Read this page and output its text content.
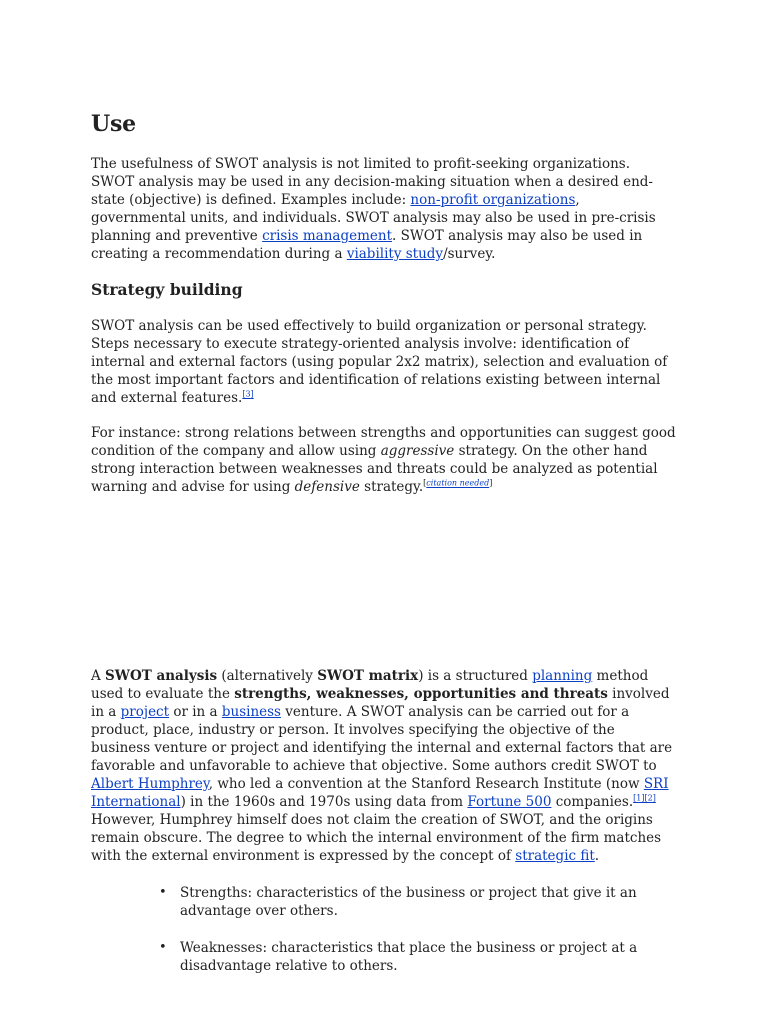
Use

The usefulness of SWOT analysis is not limited to profit-seeking organizations. SWOT analysis may be used in any decision-making situation when a desired end-state (objective) is defined. Examples include: non-profit organizations, governmental units, and individuals. SWOT analysis may also be used in pre-crisis planning and preventive crisis management. SWOT analysis may also be used in creating a recommendation during a viability study/survey.

Strategy building

SWOT analysis can be used effectively to build organization or personal strategy. Steps necessary to execute strategy-oriented analysis involve: identification of internal and external factors (using popular 2x2 matrix), selection and evaluation of the most important factors and identification of relations existing between internal and external features.[3]

For instance: strong relations between strengths and opportunities can suggest good condition of the company and allow using aggressive strategy. On the other hand strong interaction between weaknesses and threats could be analyzed as potential warning and advise for using defensive strategy.[citation needed]

A SWOT analysis (alternatively SWOT matrix) is a structured planning method used to evaluate the strengths, weaknesses, opportunities and threats involved in a project or in a business venture. A SWOT analysis can be carried out for a product, place, industry or person. It involves specifying the objective of the business venture or project and identifying the internal and external factors that are favorable and unfavorable to achieve that objective. Some authors credit SWOT to Albert Humphrey, who led a convention at the Stanford Research Institute (now SRI International) in the 1960s and 1970s using data from Fortune 500 companies.[1][2] However, Humphrey himself does not claim the creation of SWOT, and the origins remain obscure. The degree to which the internal environment of the firm matches with the external environment is expressed by the concept of strategic fit.

• Strengths: characteristics of the business or project that give it an advantage over others.
• Weaknesses: characteristics that place the business or project at a disadvantage relative to others.
